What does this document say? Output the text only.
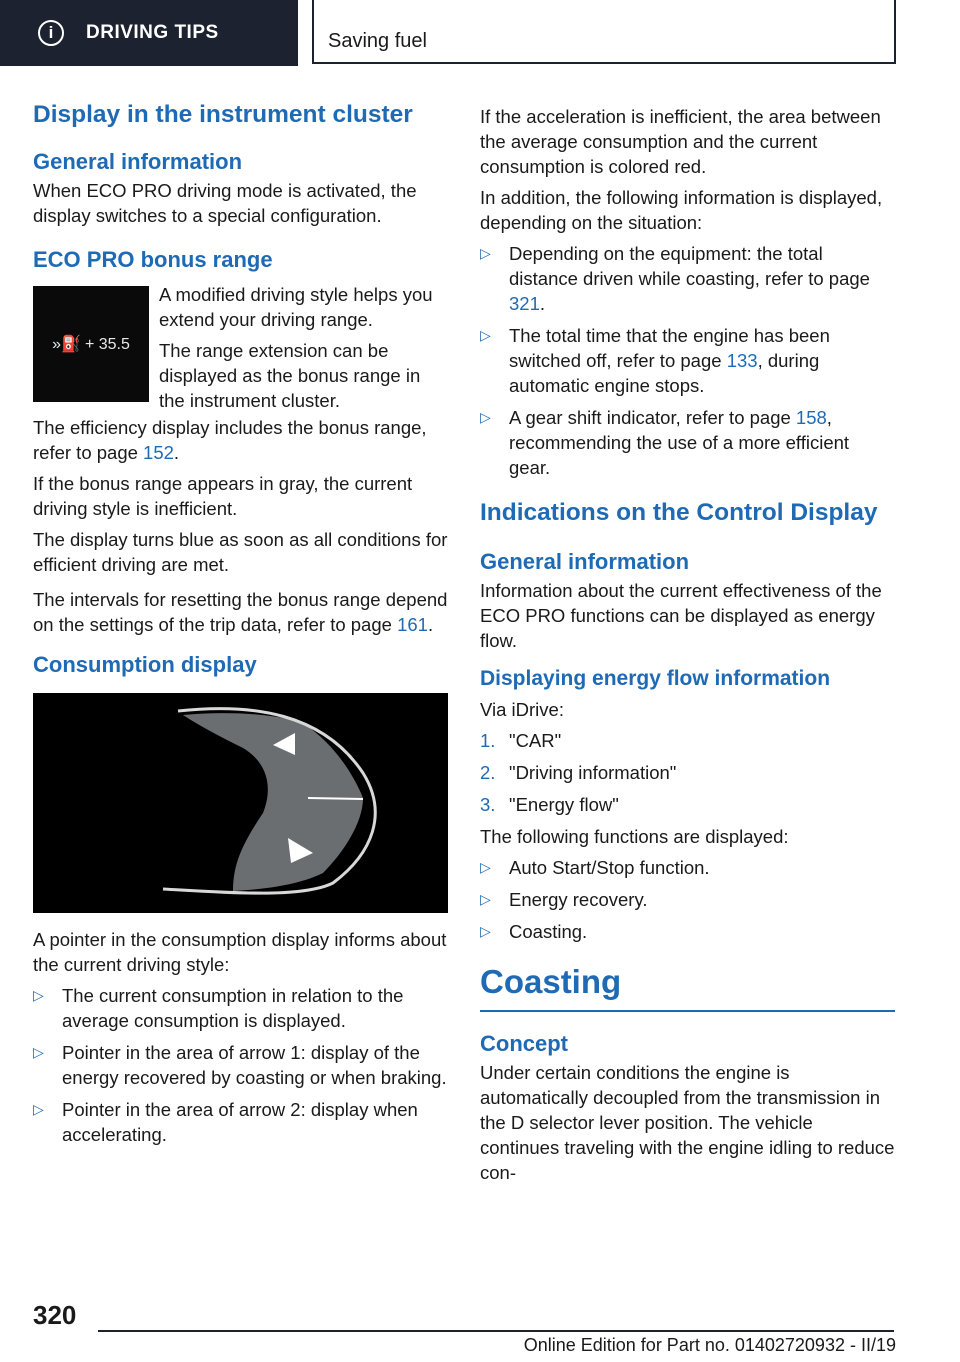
i	DRIVING TIPS	Saving fuel
Display in the instrument cluster
General information

When ECO PRO driving mode is activated, the display switches to a special configuration.

ECO PRO bonus range
»⛽ + 35.5

A modified driving style helps you extend your driving range.

The range extension can be displayed as the bonus range in the instrument cluster.

The efficiency display includes the bonus range, refer to page 152.

If the bonus range appears in gray, the current driving style is inefficient.

The display turns blue as soon as all conditions for efficient driving are met.

The intervals for resetting the bonus range depend on the settings of the trip data, refer to page 161.

Consumption display

A pointer in the consumption display informs about the current driving style:

▷ The current consumption in relation to the average consumption is displayed.
▷ Pointer in the area of arrow 1: display of the energy recovered by coasting or when braking.
▷ Pointer in the area of arrow 2: display when accelerating.

If the acceleration is inefficient, the area between the average consumption and the current consumption is colored red.

In addition, the following information is displayed, depending on the situation:

▷ Depending on the equipment: the total distance driven while coasting, refer to page 321.
▷ The total time that the engine has been switched off, refer to page 133, during automatic engine stops.
▷ A gear shift indicator, refer to page 158, recommending the use of a more efficient gear.
Indications on the Control Display
General information

Information about the current effectiveness of the ECO PRO functions can be displayed as energy flow.

Displaying energy flow information

Via iDrive:

1. "CAR"
2. "Driving information"
3. "Energy flow"

The following functions are displayed:

▷ Auto Start/Stop function.
▷ Energy recovery.
▷ Coasting.
Coasting
Concept

Under certain conditions the engine is automatically decoupled from the transmission in the D selector lever position. The vehicle continues traveling with the engine idling to reduce con-

320
Online Edition for Part no. 01402720932 - II/19
